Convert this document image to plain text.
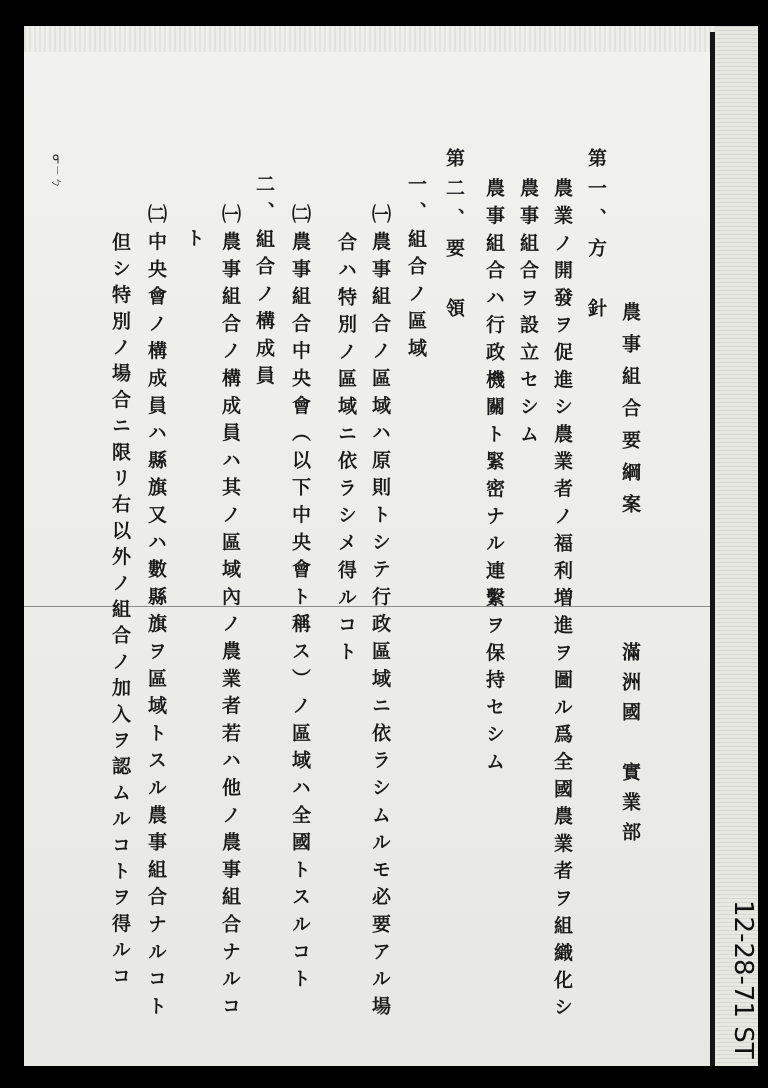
ᓂㄧㄅ
農事組合要綱案
滿洲國　實業部
第一、方　針
農業ノ開發ヲ促進シ農業者ノ福利増進ヲ圖ル爲全國農業者ヲ組織化シ
農事組合ヲ設立セシム
農事組合ハ行政機關ト緊密ナル連繫ヲ保持セシム
第二、要　領
一、組合ノ區域
㈠農事組合ノ區域ハ原則トシテ行政區域ニ依ラシムルモ必要アル場
合ハ特別ノ區域ニ依ラシメ得ルコト
㈡農事組合中央會（以下中央會ト稱ス）ノ區域ハ全國トスルコト
二、組合ノ構成員
㈠農事組合ノ構成員ハ其ノ區域內ノ農業者若ハ他ノ農事組合ナルコ
ト
㈡中央會ノ構成員ハ縣旗又ハ數縣旗ヲ區域トスル農事組合ナルコト
但シ特別ノ場合ニ限リ右以外ノ組合ノ加入ヲ認ムルコトヲ得ルコ	12-28-71 ST
